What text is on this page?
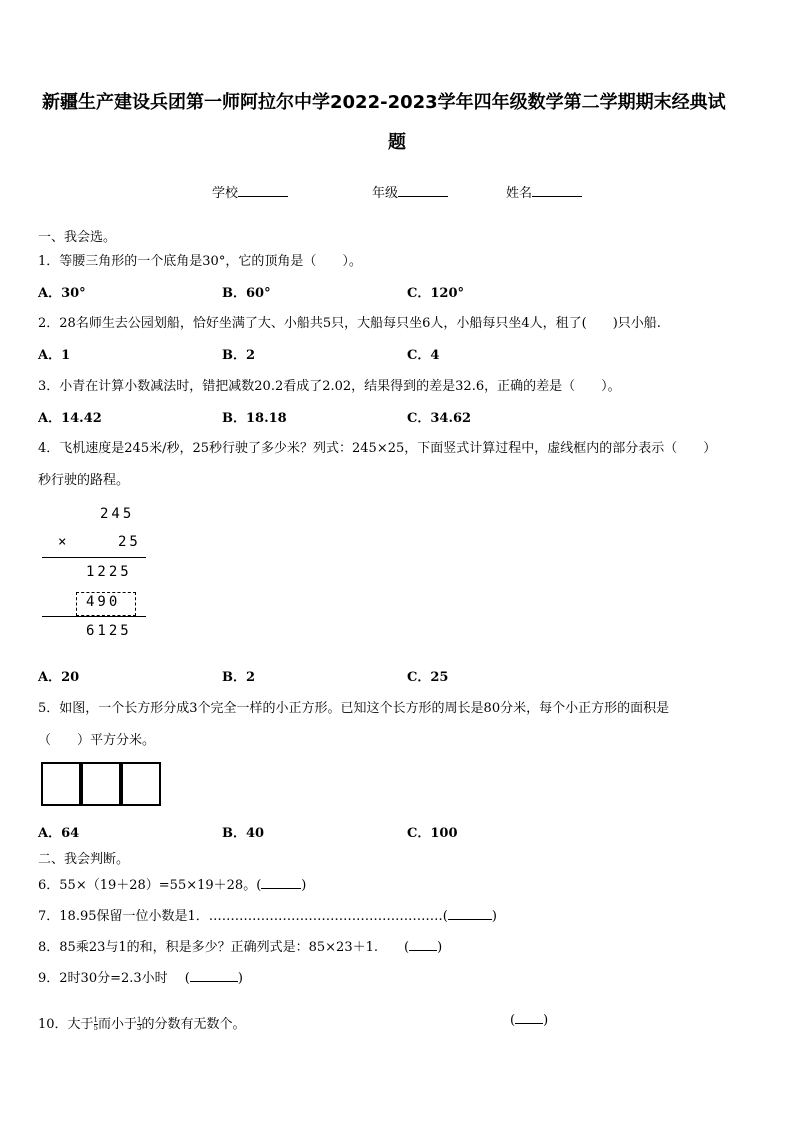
新疆生产建设兵团第一师阿拉尔中学2022-2023学年四年级数学第二学期期末经典试
题
学校	年级	姓名
一、我会选。
1．等腰三角形的一个底角是30°，它的顶角是（　　）。
A．30°	B．60°	C．120°
2．28名师生去公园划船，恰好坐满了大、小船共5只，大船每只坐6人，小船每只坐4人，租了(　　)只小船.
A．1	B．2	C．4
3．小青在计算小数减法时，错把减数20.2看成了2.02，结果得到的差是32.6，正确的差是（　　）。
A．14.42	B．18.18	C．34.62
4．飞机速度是245米/秒，25秒行驶了多少米？列式：245×25，下面竖式计算过程中，虚线框内的部分表示（　　）
秒行驶的路程。
245
×	25
1225
490
6125
A．20	B．2	C．25
5．如图，一个长方形分成3个完全一样的小正方形。已知这个长方形的周长是80分米，每个小正方形的面积是
（　　）平方分米。
A．64	B．40	C．100
二、我会判断。
6．55×（19＋28）=55×19＋28。(	)
7．18.95保留一位小数是1．………………………………………………(	)
8．85乘23与1的和，积是多少？正确列式是：85×23＋1.　　( )
9．2时30分=2.3小时　 (	)
10．大于 $\frac{1}{5}$ 而小于 $\frac{1}{3}$ 的分数有无数个。	( )
